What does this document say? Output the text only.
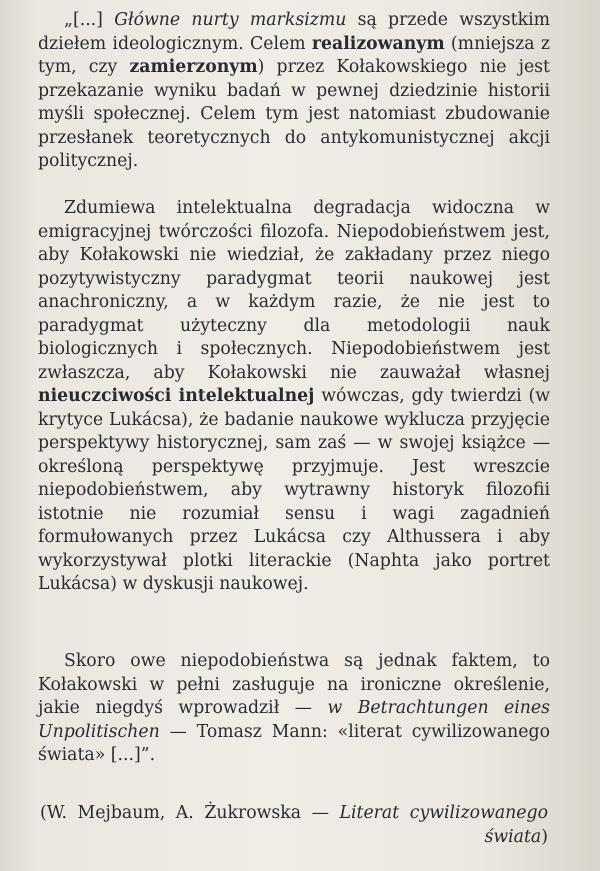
„[...] Główne nurty marksizmu są przede wszystkim dziełem ideologicznym. Celem realizowanym (mniejsza z tym, czy zamierzonym) przez Kołakowskiego nie jest przekazanie wyniku badań w pewnej dziedzinie historii myśli społecznej. Celem tym jest natomiast zbudowanie przesłanek teoretycznych do antykomunistycznej akcji politycznej.

Zdumiewa intelektualna degradacja widoczna w emigracyjnej twórczości filozofa. Niepodobieństwem jest, aby Kołakowski nie wiedział, że zakładany przez niego pozytywistyczny paradygmat teorii naukowej jest anachroniczny, a w każdym razie, że nie jest to paradygmat użyteczny dla metodologii nauk biologicznych i społecznych. Niepodobieństwem jest zwłaszcza, aby Kołakowski nie zauważał własnej nieuczciwości intelektualnej wówczas, gdy twierdzi (w krytyce Lukácsa), że badanie naukowe wyklucza przyjęcie perspektywy historycznej, sam zaś — w swojej książce — określoną perspektywę przyjmuje. Jest wreszcie niepodobieństwem, aby wytrawny historyk filozofii istotnie nie rozumiał sensu i wagi zagadnień formułowanych przez Lukácsa czy Althussera i aby wykorzystywał plotki literackie (Naphta jako portret Lukácsa) w dyskusji naukowej.

Skoro owe niepodobieństwa są jednak faktem, to Kołakowski w pełni zasługuje na ironiczne określenie, jakie niegdyś wprowadził — w Betrachtungen eines Unpolitischen — Tomasz Mann: «literat cywilizowanego świata» [...]”.

(W. Mejbaum, A. Żukrowska — Literat cywilizowanego świata)
